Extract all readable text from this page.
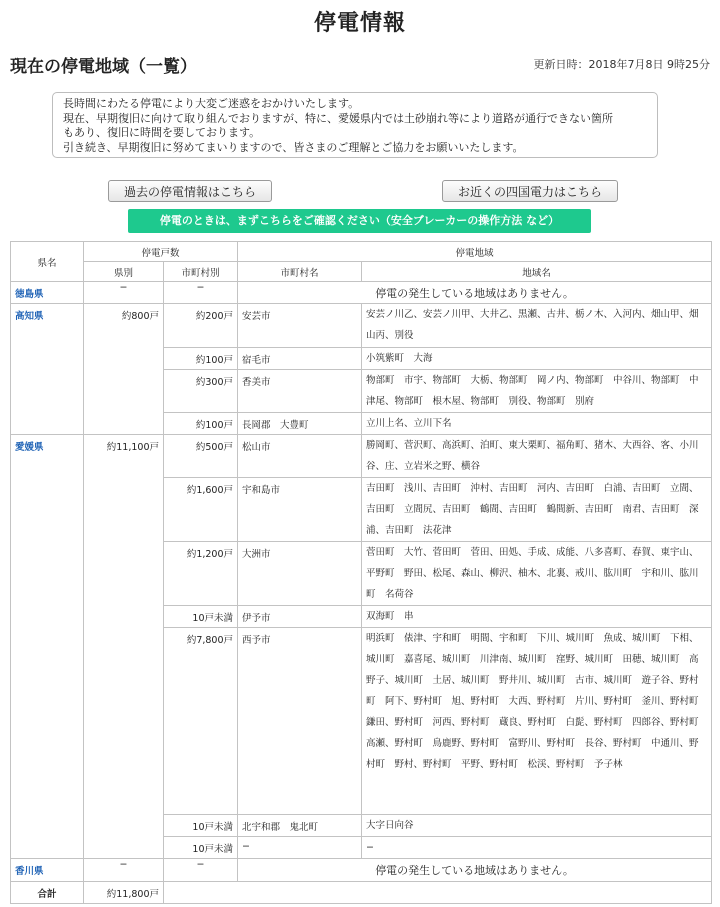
停電情報
現在の停電地域（一覧）	更新日時：2018年7月8日 9時25分

長時間にわたる停電により大変ご迷惑をおかけいたします。

現在、早期復旧に向けて取り組んでおりますが、特に、愛媛県内では土砂崩れ等により道路が通行できない箇所

もあり、復旧に時間を要しております。

引き続き、早期復旧に努めてまいりますので、皆さまのご理解とご協力をお願いいたします。

過去の停電情報はこちら	お近くの四国電力はこちら
停電のときは、まずこちらをご確認ください（安全ブレーカーの操作方法 など）
県名	停電戸数		停電地域	
	県別	市町村別	市町村名	地域名
徳島県	−	−	停電の発生している地域はありません。	
高知県	約800戸	約200戸	安芸市	安芸ノ川乙、安芸ノ川甲、大井乙、黒瀬、古井、栃ノ木、入河内、畑山甲、畑山丙、別役
		約100戸	宿毛市	小筑紫町　大海
		約300戸	香美市	物部町　市宇、物部町　大栃、物部町　岡ノ内、物部町　中谷川、物部町　中津尾、物部町　根木屋、物部町　別役、物部町　別府
		約100戸	長岡郡　大豊町	立川上名、立川下名
愛媛県	約11,100戸	約500戸	松山市	勝岡町、菅沢町、高浜町、泊町、東大栗町、福角町、猪木、大西谷、客、小川谷、庄、立岩米之野、横谷
		約1,600戸	宇和島市	吉田町　浅川、吉田町　沖村、吉田町　河内、吉田町　白浦、吉田町　立間、吉田町　立間尻、吉田町　鶴間、吉田町　鶴間新、吉田町　南君、吉田町　深浦、吉田町　法花津
		約1,200戸	大洲市	菅田町　大竹、菅田町　菅田、田処、手成、成能、八多喜町、春賀、東宇山、平野町　野田、松尾、森山、柳沢、柚木、北裏、戒川、肱川町　宇和川、肱川町　名荷谷
		10戸未満	伊予市	双海町　串
		約7,800戸	西予市	明浜町　俵津、宇和町　明間、宇和町　下川、城川町　魚成、城川町　下相、城川町　嘉喜尾、城川町　川津南、城川町　窪野、城川町　田穂、城川町　高野子、城川町　土居、城川町　野井川、城川町　古市、城川町　遊子谷、野村町　阿下、野村町　旭、野村町　大西、野村町　片川、野村町　釜川、野村町　鎌田、野村町　河西、野村町　蔵良、野村町　白髭、野村町　四郎谷、野村町　高瀬、野村町　鳥鹿野、野村町　富野川、野村町　長谷、野村町　中通川、野村町　野村、野村町　平野、野村町　松渓、野村町　予子林
		10戸未満	北宇和郡　鬼北町	大字日向谷
		10戸未満	−	−
香川県	−	−	停電の発生している地域はありません。	
合計	約11,800戸			
